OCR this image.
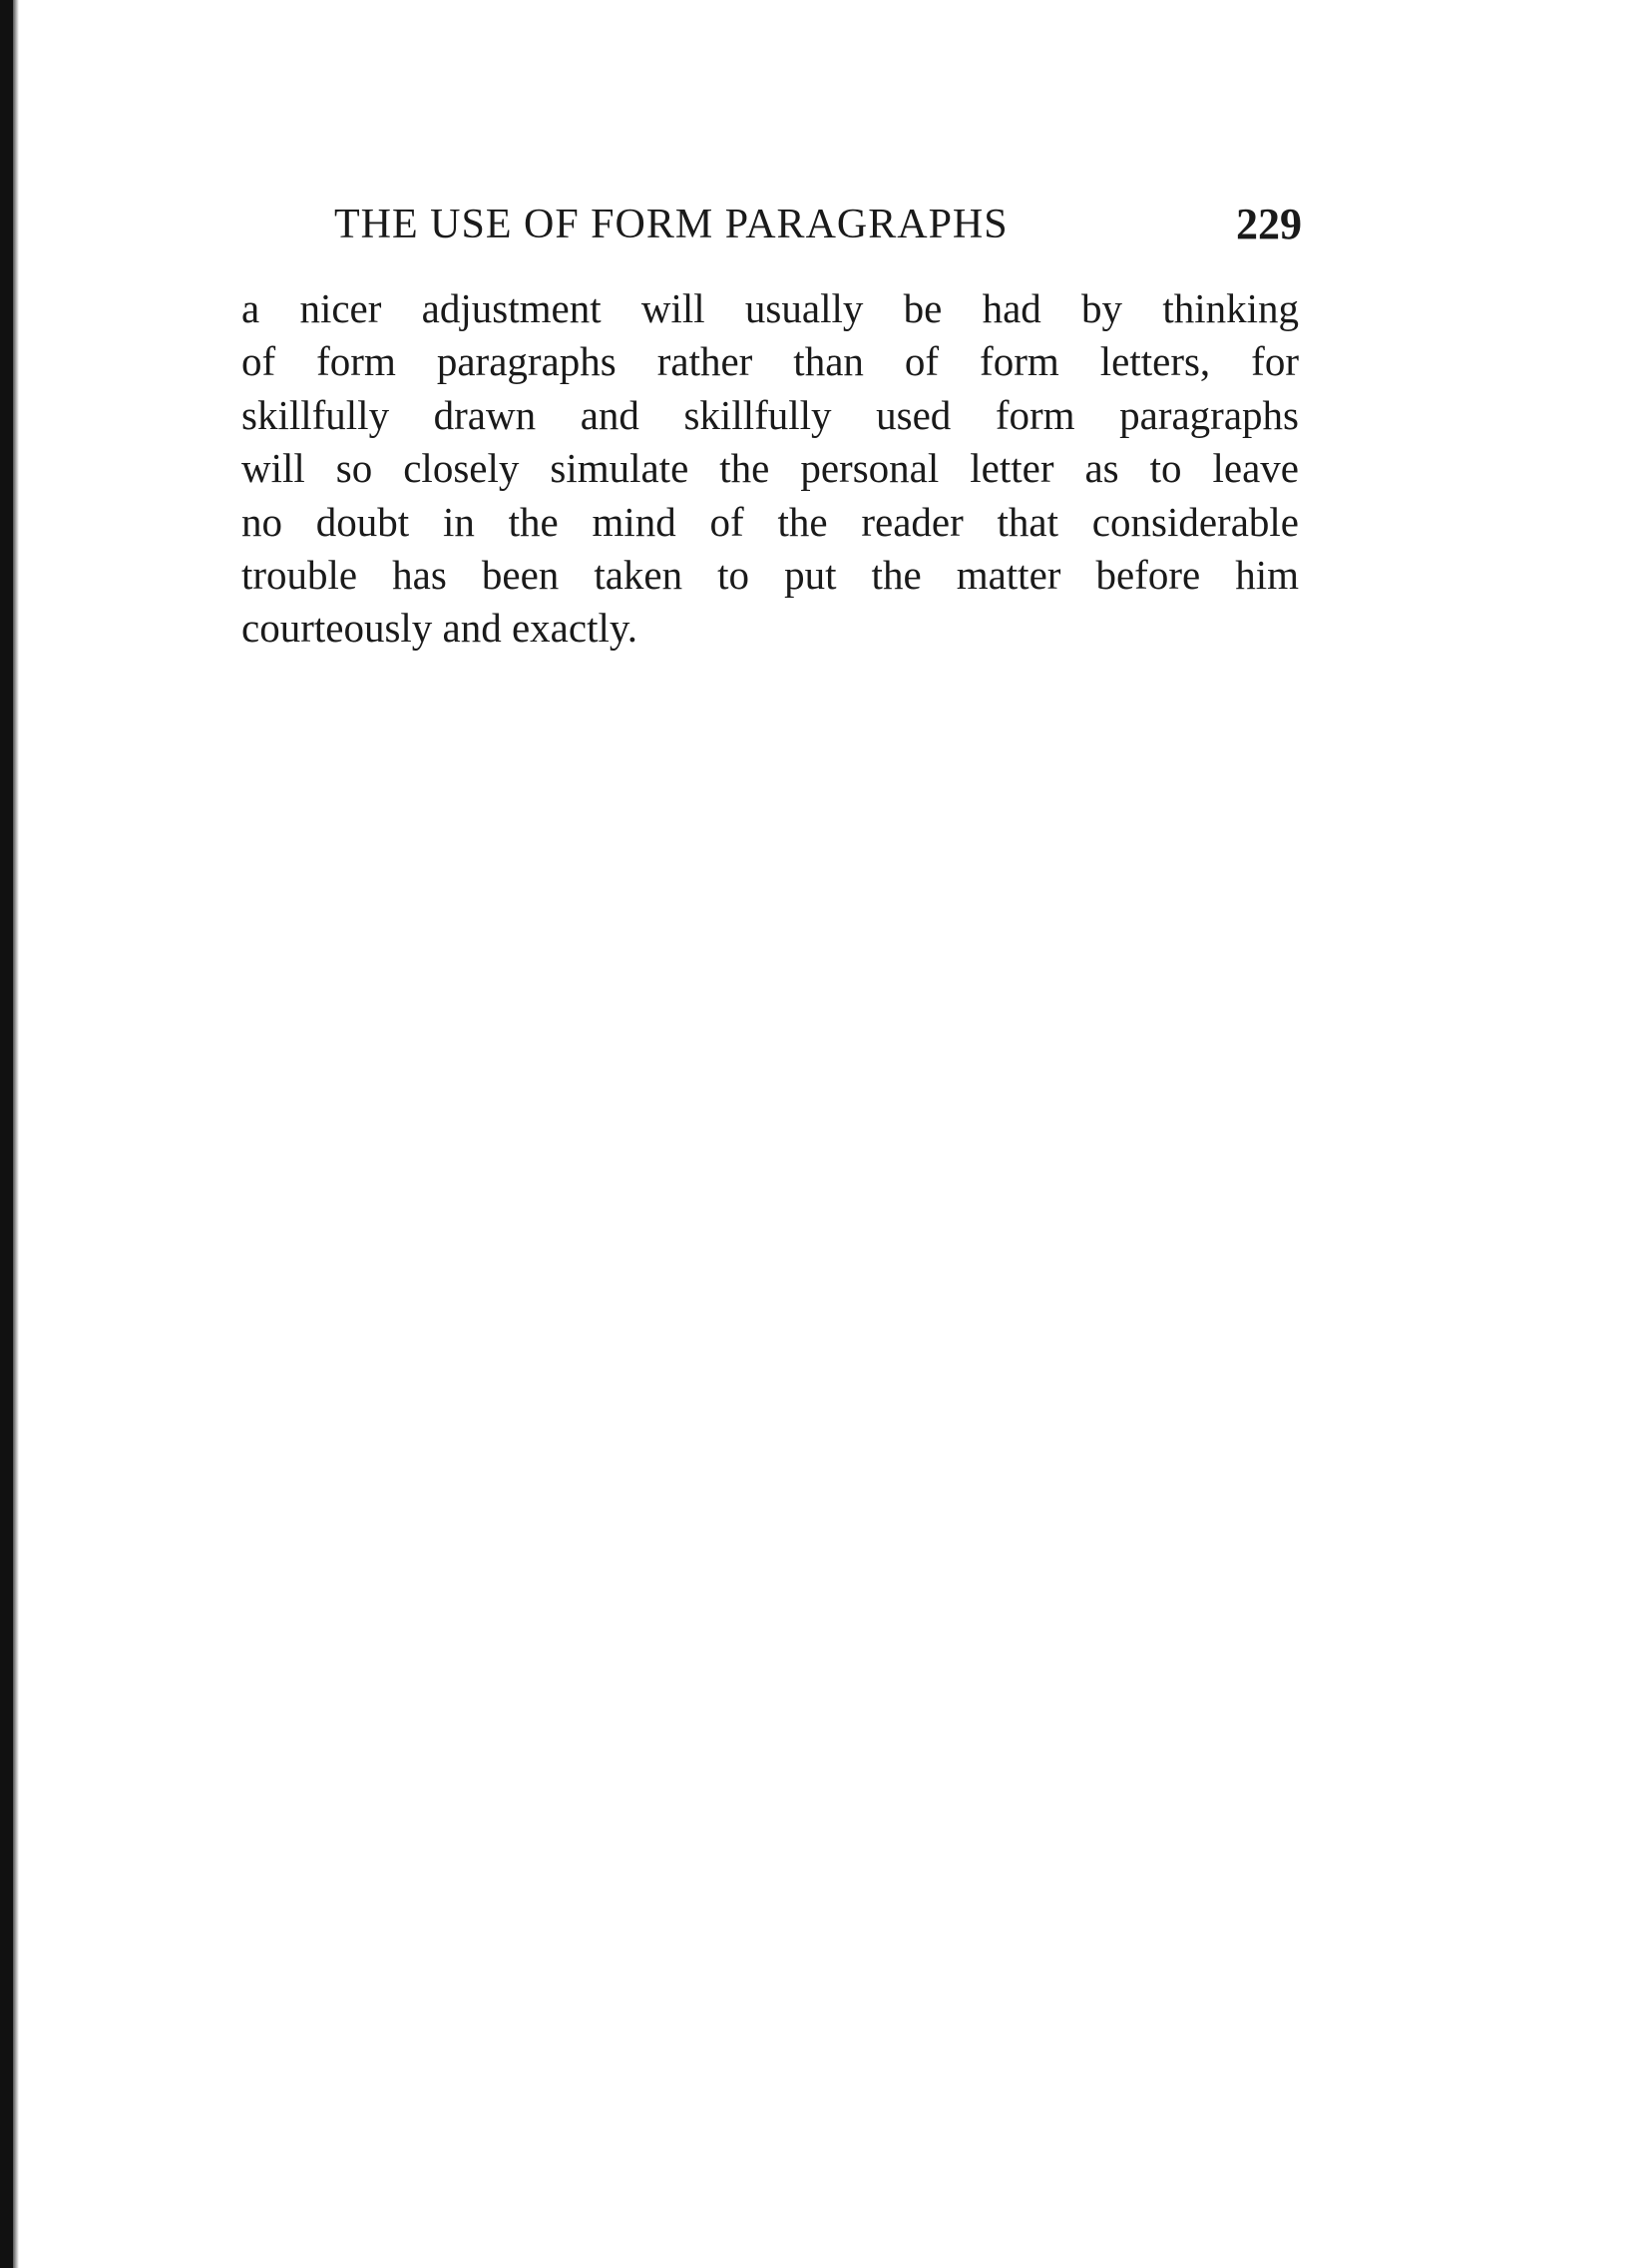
THE USE OF FORM PARAGRAPHS	229
a nicer adjustment will usually be had by thinking
of form paragraphs rather than of form letters, for
skillfully drawn and skillfully used form paragraphs
will so closely simulate the personal letter as to leave
no doubt in the mind of the reader that considerable
trouble has been taken to put the matter before him
courteously and exactly.
